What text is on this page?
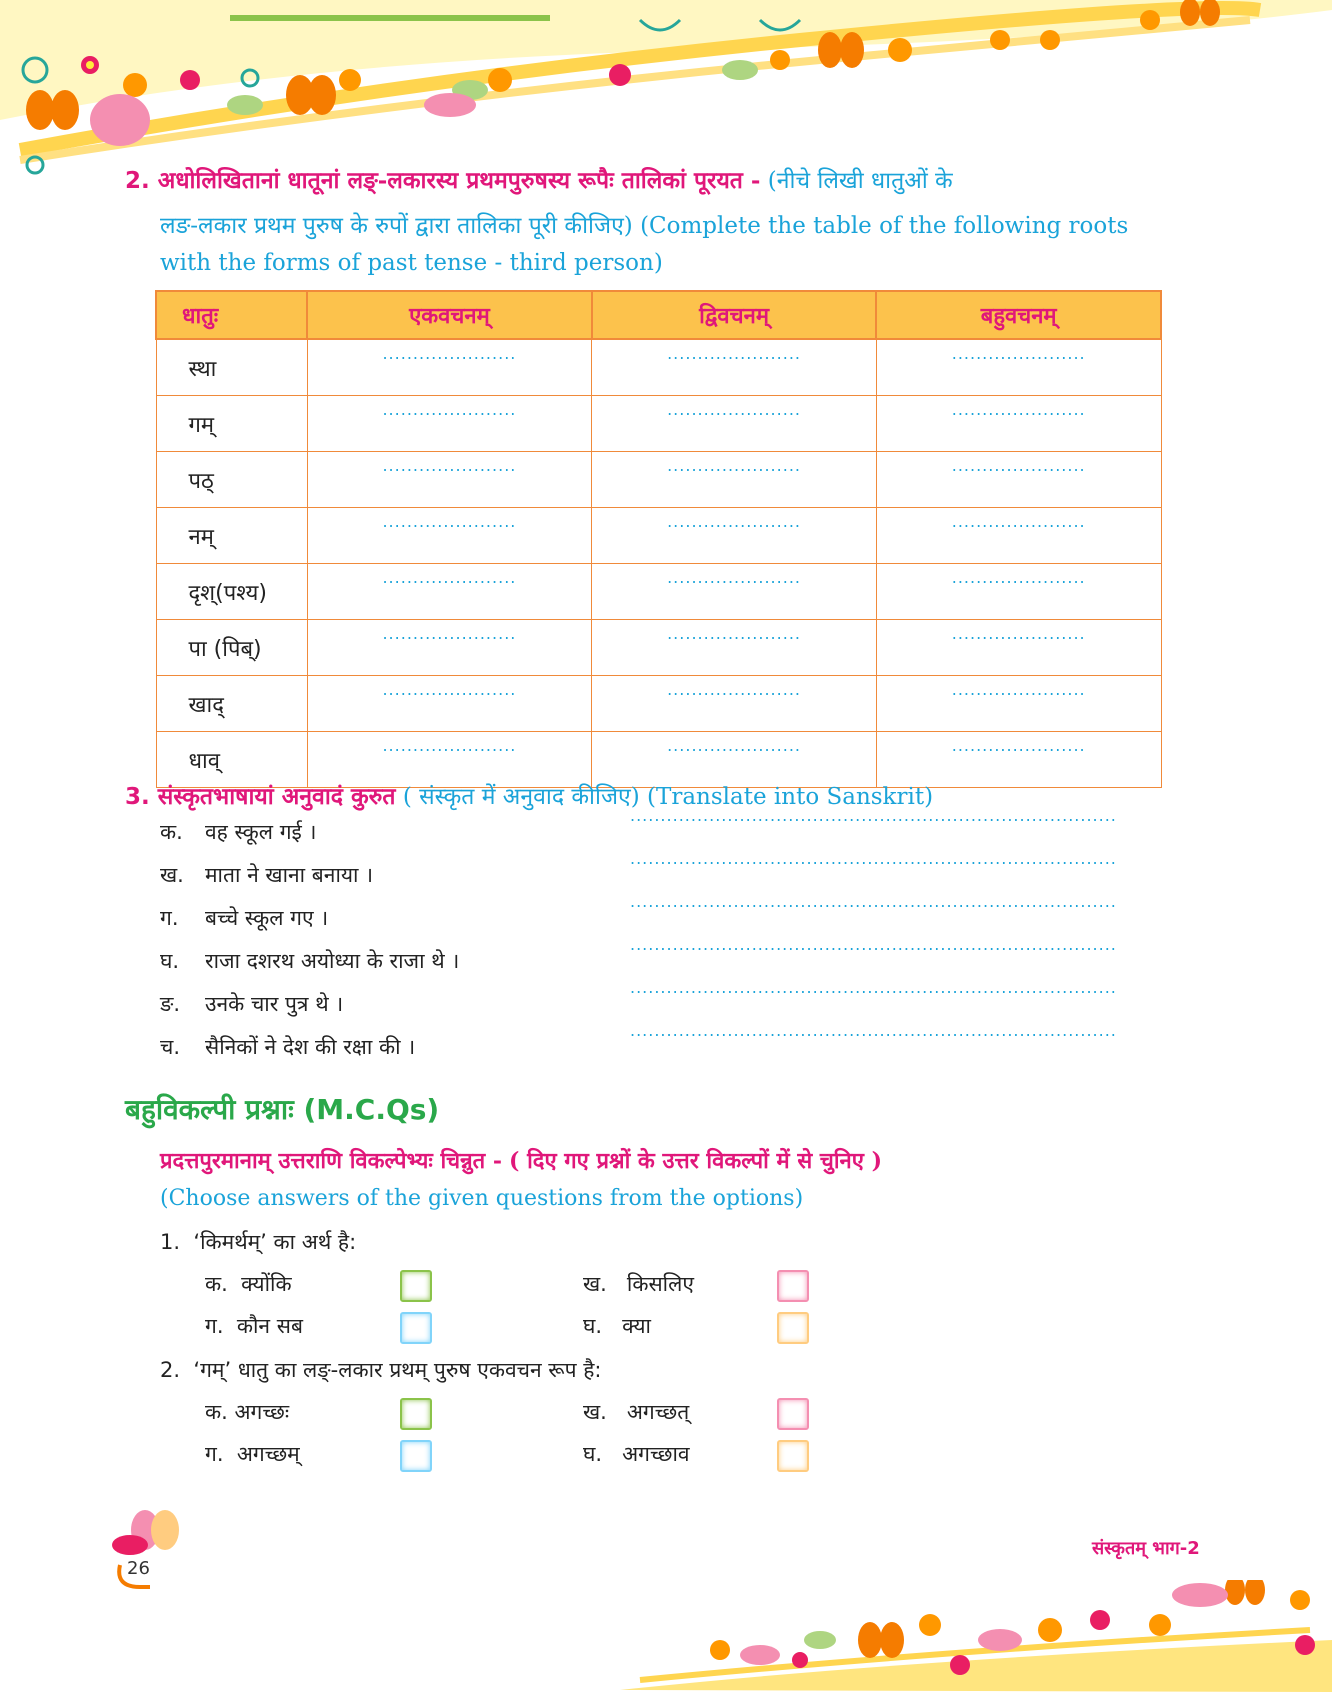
2. अधोलिखितानां धातूनां लङ्-लकारस्य प्रथमपुरुषस्य रूपैः तालिकां पूरयत - (नीचे लिखी धातुओं के
लङ-लकार प्रथम पुरुष के रुपों द्वारा तालिका पूरी कीजिए) (Complete the table of the following roots
with the forms of past tense - third person)
धातुः	एकवचनम्	द्विवचनम्	बहुवचनम्
स्था	......................	......................	......................
गम्	......................	......................	......................
पठ्	......................	......................	......................
नम्	......................	......................	......................
दृश्(पश्य)	......................	......................	......................
पा (पिब्)	......................	......................	......................
खाद्	......................	......................	......................
धाव्	......................	......................	......................
3. संस्कृतभाषायां अनुवादं कुरुत ( संस्कृत में अनुवाद कीजिए) (Translate into Sanskrit)
क.	वह स्कूल गई ।
................................................................................
ख.	माता ने खाना बनाया ।
................................................................................
ग.	बच्चे स्कूल गए ।
................................................................................
घ.	राजा दशरथ अयोध्या के राजा थे ।
................................................................................
ङ.	उनके चार पुत्र थे ।
................................................................................
च.	सैनिकों ने देश की रक्षा की ।
................................................................................
बहुविकल्पी प्रश्नाः (M.C.Qs)
प्रदत्तपुरमानाम् उत्तराणि विकल्पेभ्यः चिन्नुत - ( दिए गए प्रश्नों के उत्तर विकल्पों में से चुनिए )
(Choose answers of the given questions from the options)
1. ‘किमर्थम्’ का अर्थ है:
क. क्योंकि	ख. किसलिए
ग. कौन सब	घ. क्या
2. ‘गम्’ धातु का लङ्-लकार प्रथम् पुरुष एकवचन रूप है:
क. अगच्छः	ख. अगच्छत्
ग. अगच्छम्	घ. अगच्छाव
26
संस्कृतम् भाग-2
